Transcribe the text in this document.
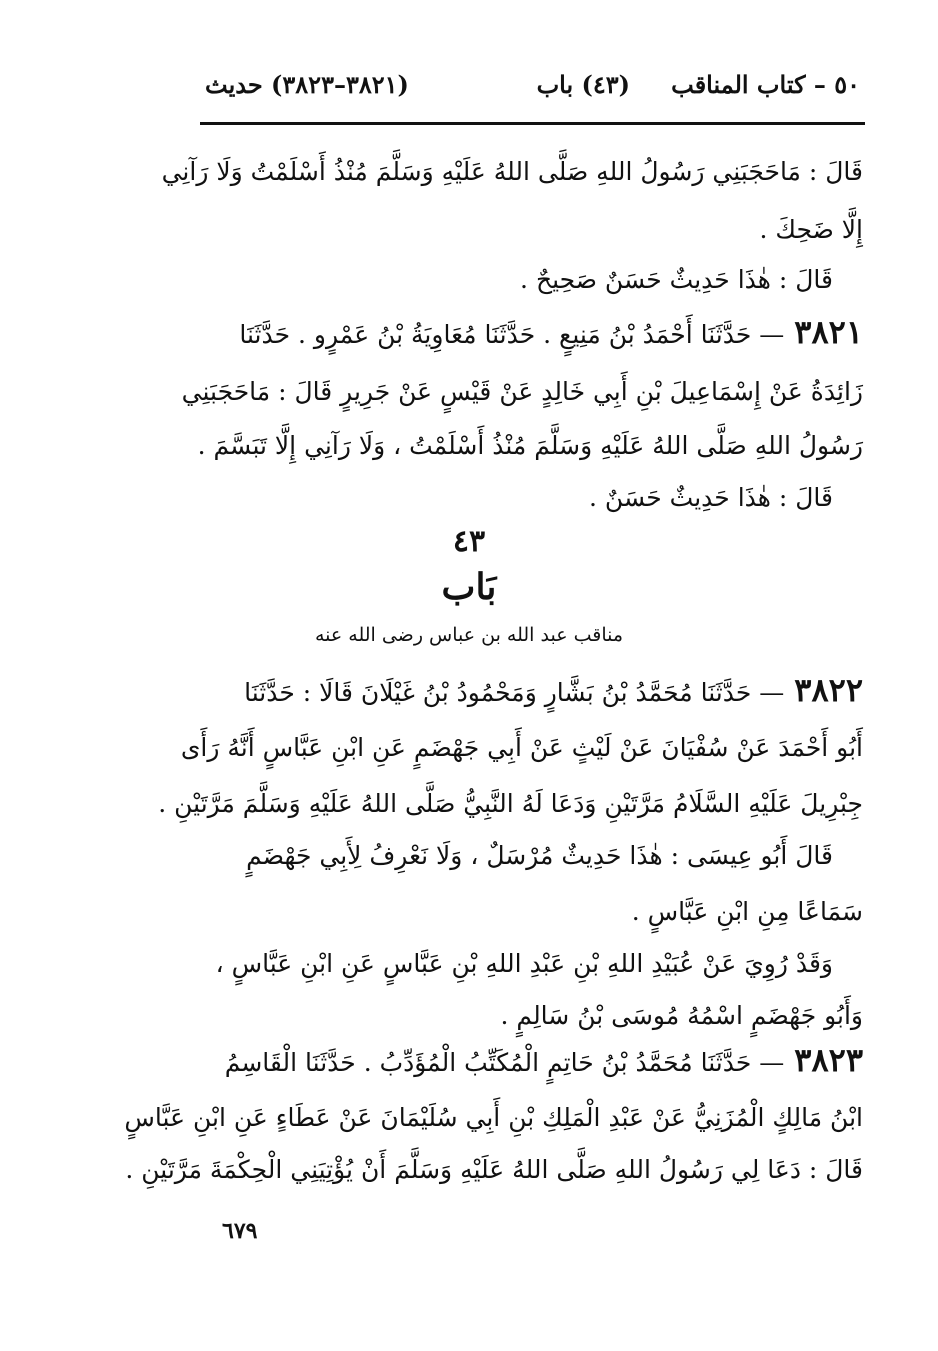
٥٠ – كتاب المناقب
(٤٣) باب
(٣٨٢١–٣٨٢٣) حديث
قَالَ : مَاحَجَبَنِي رَسُولُ اللهِ صَلَّى اللهُ عَلَيْهِ وَسَلَّمَ مُنْذُ أَسْلَمْتُ وَلَا رَآنِي
إِلَّا ضَحِكَ .
قَالَ : هٰذَا حَدِيثٌ حَسَنٌ صَحِيحٌ .
٣٨٢١— حَدَّثَنَا أَحْمَدُ بْنُ مَنِيعٍ . حَدَّثَنَا مُعَاوِيَةُ بْنُ عَمْرٍو . حَدَّثَنَا
زَائِدَةُ عَنْ إِسْمَاعِيلَ بْنِ أَبِي خَالِدٍ عَنْ قَيْسٍ عَنْ جَرِيرٍ قَالَ : مَاحَجَبَنِي
رَسُولُ اللهِ صَلَّى اللهُ عَلَيْهِ وَسَلَّمَ مُنْذُ أَسْلَمْتُ ، وَلَا رَآنِي إِلَّا تَبَسَّمَ .
قَالَ : هٰذَا حَدِيثٌ حَسَنٌ .
٤٣
بَاب
مناقب عبد الله بن عباس رضى الله عنه
٣٨٢٢— حَدَّثَنَا مُحَمَّدُ بْنُ بَشَّارٍ وَمَحْمُودُ بْنُ غَيْلَانَ قَالَا : حَدَّثَنَا
أَبُو أَحْمَدَ عَنْ سُفْيَانَ عَنْ لَيْثٍ عَنْ أَبِي جَهْضَمٍ عَنِ ابْنِ عَبَّاسٍ أَنَّهُ رَأَى
جِبْرِيلَ عَلَيْهِ السَّلَامُ مَرَّتَيْنِ وَدَعَا لَهُ النَّبِيُّ صَلَّى اللهُ عَلَيْهِ وَسَلَّمَ مَرَّتَيْنِ .
قَالَ أَبُو عِيسَى : هٰذَا حَدِيثٌ مُرْسَلٌ ، وَلَا نَعْرِفُ لِأَبِي جَهْضَمٍ
سَمَاعًا مِنِ ابْنِ عَبَّاسٍ .
وَقَدْ رُوِيَ عَنْ عُبَيْدِ اللهِ بْنِ عَبْدِ اللهِ بْنِ عَبَّاسٍ عَنِ ابْنِ عَبَّاسٍ ،
وَأَبُو جَهْضَمٍ اسْمُهُ مُوسَى بْنُ سَالِمٍ .
٣٨٢٣— حَدَّثَنَا مُحَمَّدُ بْنُ حَاتِمٍ الْمُكَتِّبُ الْمُؤَدِّبُ . حَدَّثَنَا الْقَاسِمُ
ابْنُ مَالِكٍ الْمُزَنِيُّ عَنْ عَبْدِ الْمَلِكِ بْنِ أَبِي سُلَيْمَانَ عَنْ عَطَاءٍ عَنِ ابْنِ عَبَّاسٍ
قَالَ : دَعَا لِي رَسُولُ اللهِ صَلَّى اللهُ عَلَيْهِ وَسَلَّمَ أَنْ يُؤْتِيَنِي الْحِكْمَةَ مَرَّتَيْنِ .
٦٧٩
